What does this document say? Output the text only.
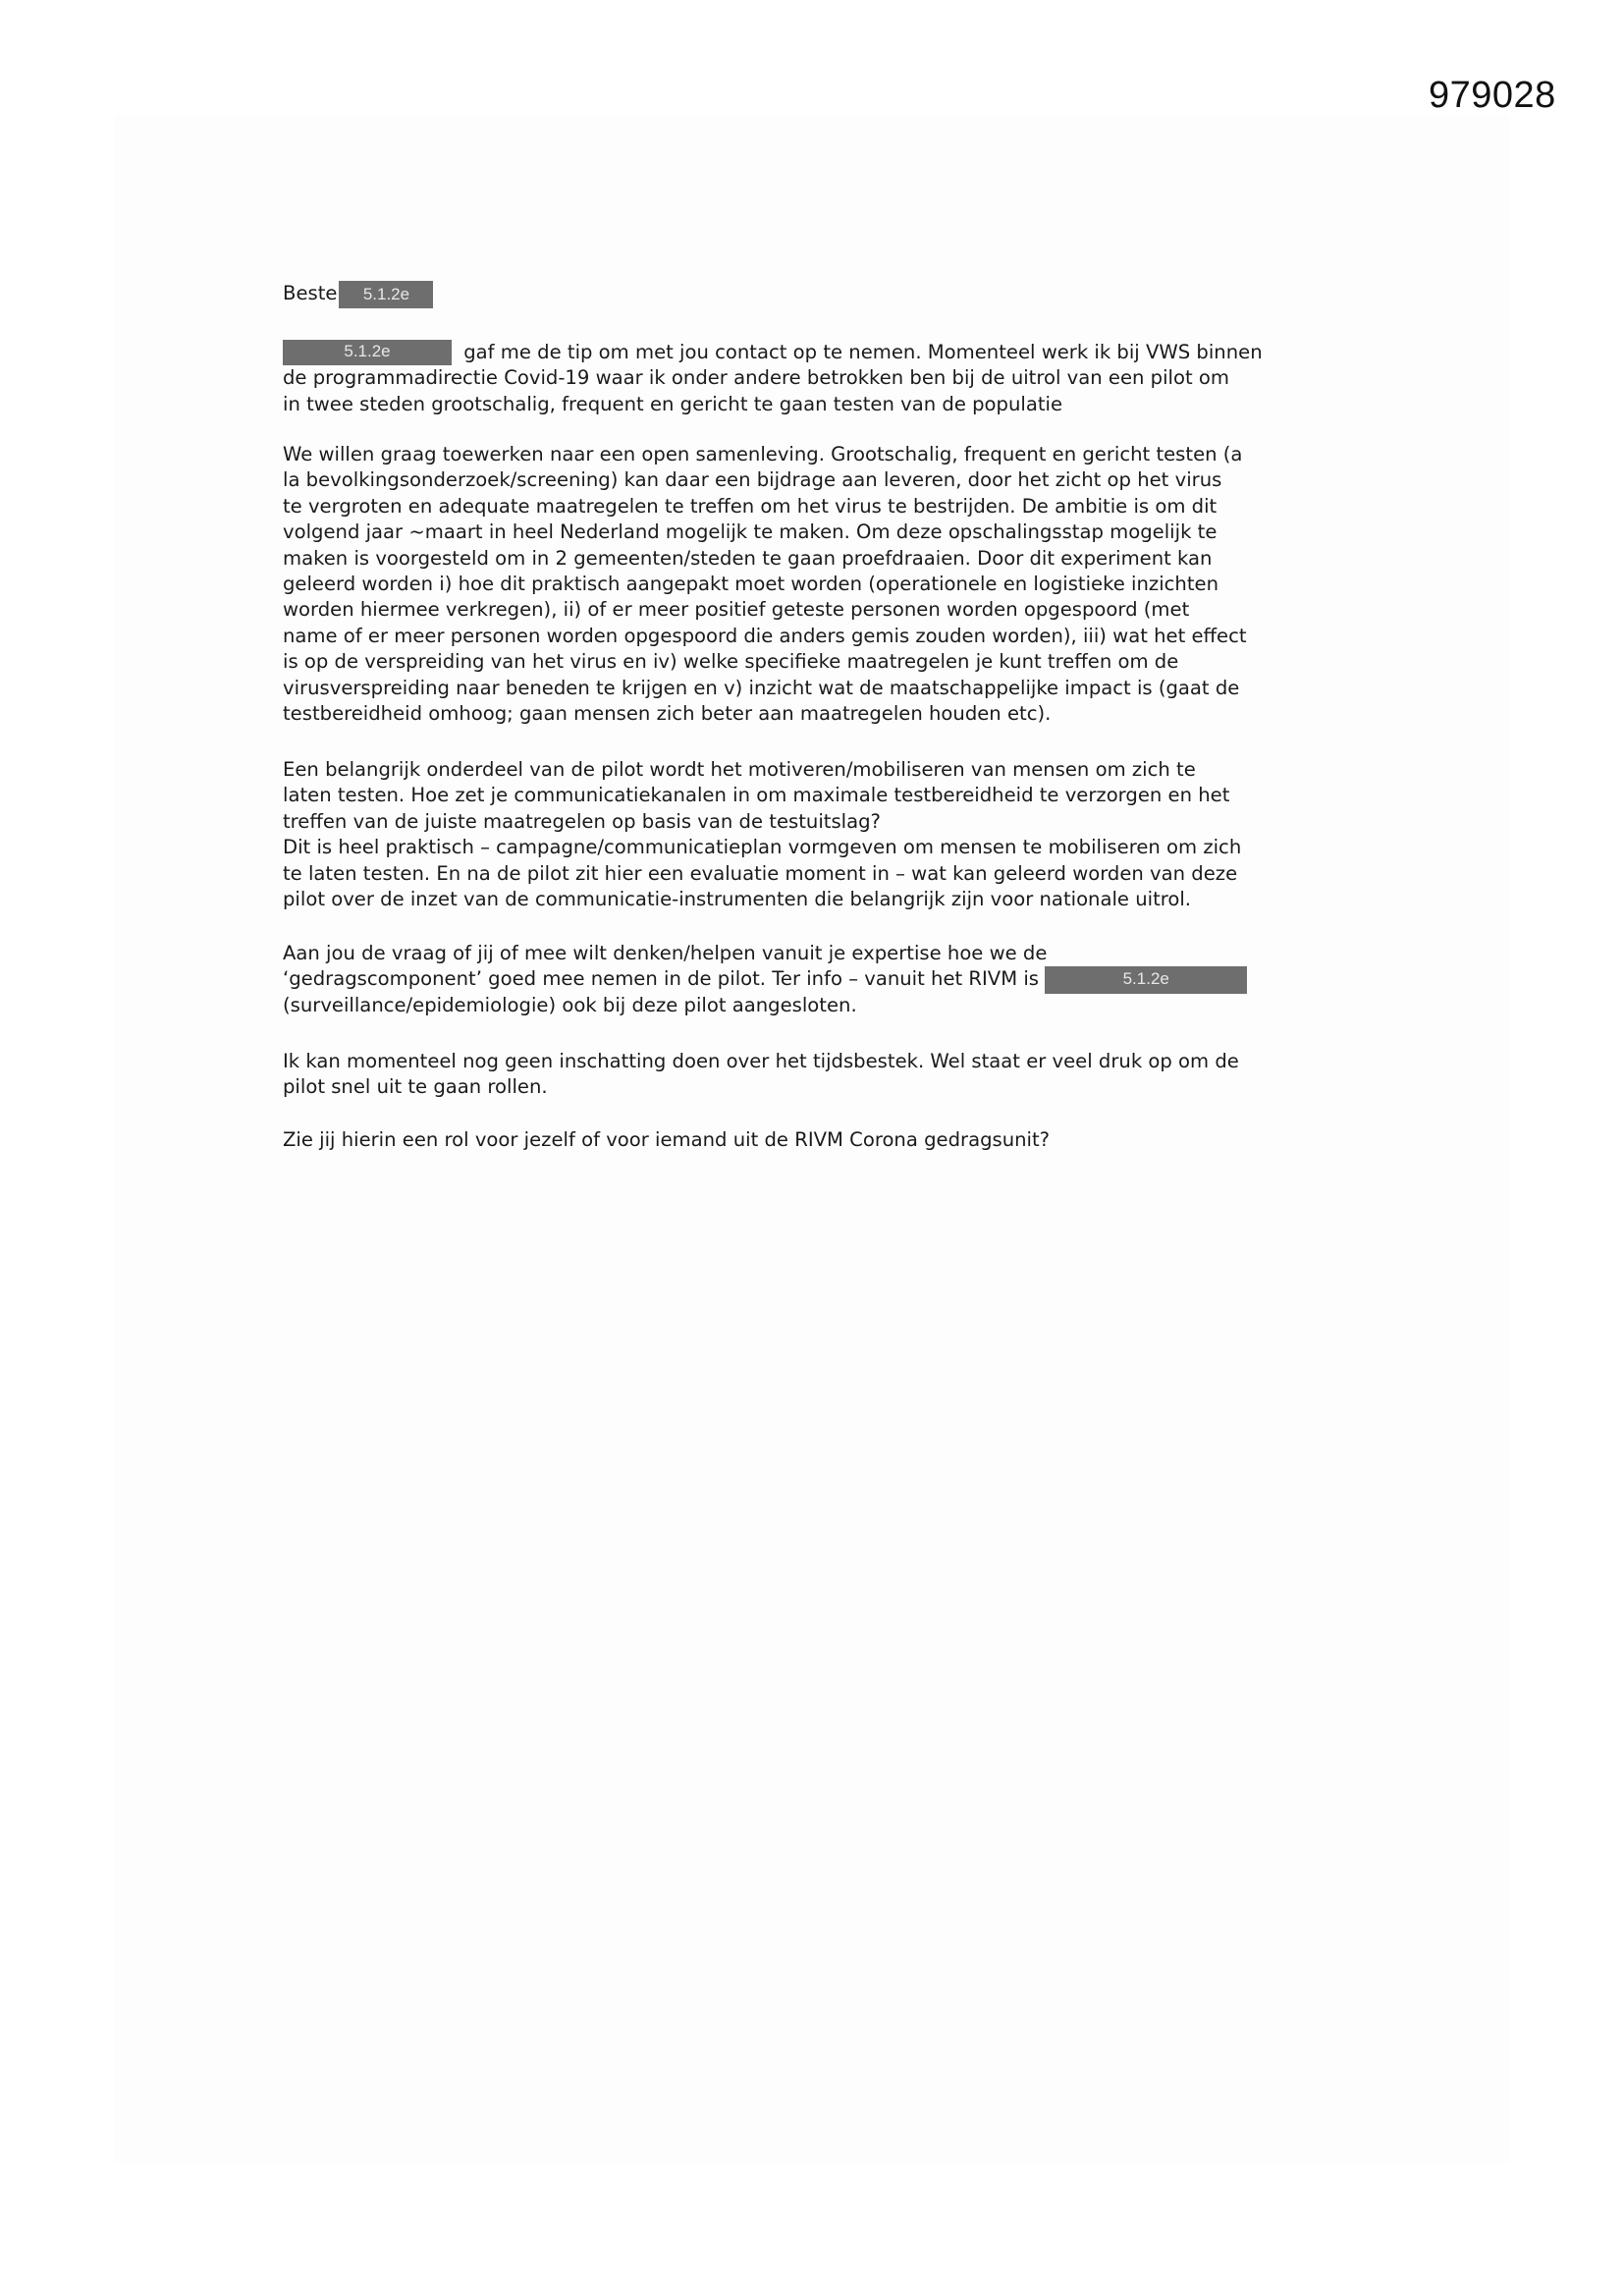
979028
Beste 5.1.2e
5.1.2e	gaf me de tip om met jou contact op te nemen. Momenteel werk ik bij VWS binnen
de programmadirectie Covid-19 waar ik onder andere betrokken ben bij de uitrol van een pilot om
in twee steden grootschalig, frequent en gericht te gaan testen van de populatie
We willen graag toewerken naar een open samenleving. Grootschalig, frequent en gericht testen (a
la bevolkingsonderzoek/screening) kan daar een bijdrage aan leveren, door het zicht op het virus
te vergroten en adequate maatregelen te treffen om het virus te bestrijden. De ambitie is om dit
volgend jaar ~maart in heel Nederland mogelijk te maken. Om deze opschalingsstap mogelijk te
maken is voorgesteld om in 2 gemeenten/steden te gaan proefdraaien. Door dit experiment kan
geleerd worden i) hoe dit praktisch aangepakt moet worden (operationele en logistieke inzichten
worden hiermee verkregen), ii) of er meer positief geteste personen worden opgespoord (met
name of er meer personen worden opgespoord die anders gemis zouden worden), iii) wat het effect
is op de verspreiding van het virus en iv) welke specifieke maatregelen je kunt treffen om de
virusverspreiding naar beneden te krijgen en v) inzicht wat de maatschappelijke impact is (gaat de
testbereidheid omhoog; gaan mensen zich beter aan maatregelen houden etc).
Een belangrijk onderdeel van de pilot wordt het motiveren/mobiliseren van mensen om zich te
laten testen. Hoe zet je communicatiekanalen in om maximale testbereidheid te verzorgen en het
treffen van de juiste maatregelen op basis van de testuitslag?
Dit is heel praktisch – campagne/communicatieplan vormgeven om mensen te mobiliseren om zich
te laten testen. En na de pilot zit hier een evaluatie moment in – wat kan geleerd worden van deze
pilot over de inzet van de communicatie-instrumenten die belangrijk zijn voor nationale uitrol.
Aan jou de vraag of jij of mee wilt denken/helpen vanuit je expertise hoe we de
‘gedragscomponent’ goed mee nemen in de pilot. Ter info – vanuit het RIVM is	5.1.2e
(surveillance/epidemiologie) ook bij deze pilot aangesloten.
Ik kan momenteel nog geen inschatting doen over het tijdsbestek. Wel staat er veel druk op om de
pilot snel uit te gaan rollen.
Zie jij hierin een rol voor jezelf of voor iemand uit de RIVM Corona gedragsunit?
